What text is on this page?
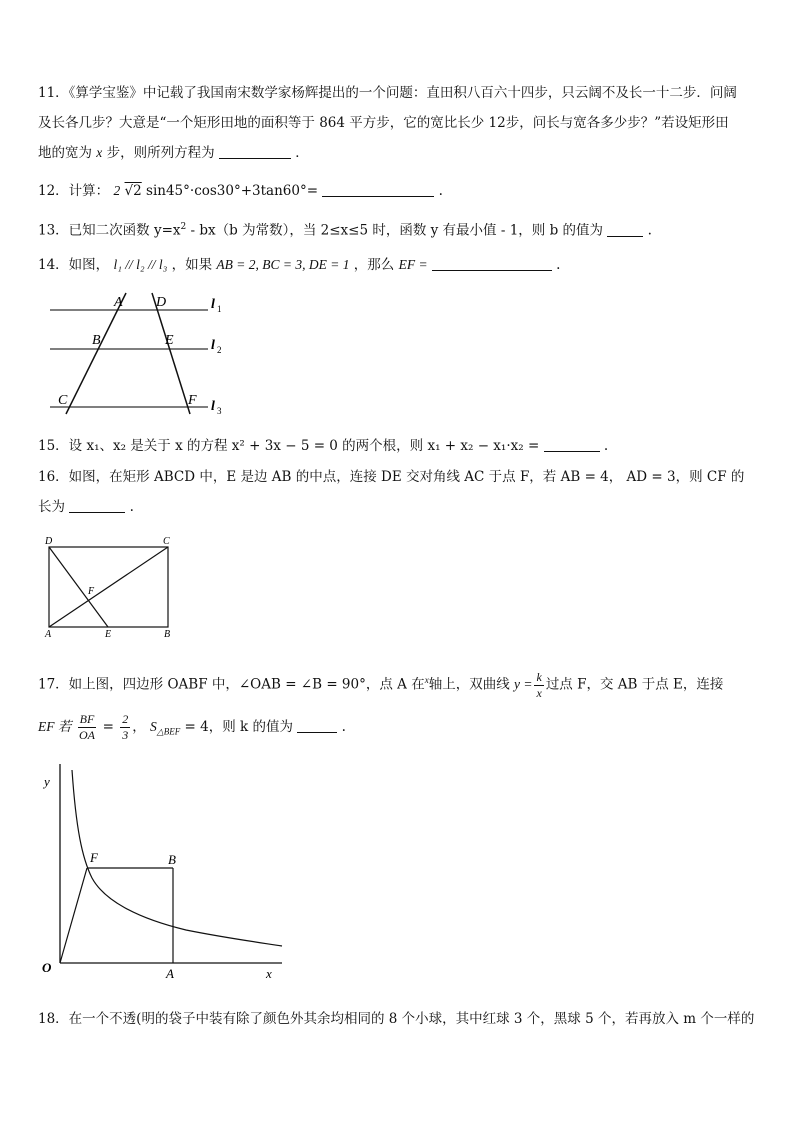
11．《算学宝鉴》中记载了我国南宋数学家杨辉提出的一个问题：直田积八百六十四步，只云阔不及长一十二步．问阔
及长各几步？大意是“一个矩形田地的面积等于 864 平方步，它的宽比长少 12步，问长与宽各多少步？”若设矩形田
地的宽为 x 步，则所列方程为	．
12．计算： 2 √2 sin45°·cos30°+3tan60°=	.
13．已知二次函数 $y=x^2 - bx(b$ 为常数），当 2≤x≤5 时，函数 y 有最小值 - 1，则 b 的值为	.
14．如图， l₁ // l₂ // l₃ ，如果 AB = 2, BC = 3, DE = 1 ，那么 EF =	.
A D
B	E
C	F
l 1
l 2
l 3
15．设 x₁、x₂ 是关于 x 的方程 x² + 3x − 5 = 0 的两个根，则 x₁ + x₂ − x₁·x₂ =	.
16．如图，在矩形 ABCD 中，E 是边 AB 的中点，连接 DE 交对角线 AC 于点 F，若 AB = 4， AD = 3，则 CF 的
长为	.
D	C
A	E	B
F
17．如上图，四边形 OABF 中，∠OAB = ∠B = 90°，点 A 在$^x$轴上，双曲线 $y = \frac{k}{x}$ 过点 F，交 AB 于点 E，连接
EF 若 $\frac{BF}{OA} = \frac{2}{3}$ ， $S_{\triangle BEF} = 4$，则 k 的值为	.
y
x
O	A
F	B
18．在一个不透(明的袋子中装有除了颜色外其余均相同的 8 个小球，其中红球 3 个，黑球 5 个，若再放入 m 个一样的
